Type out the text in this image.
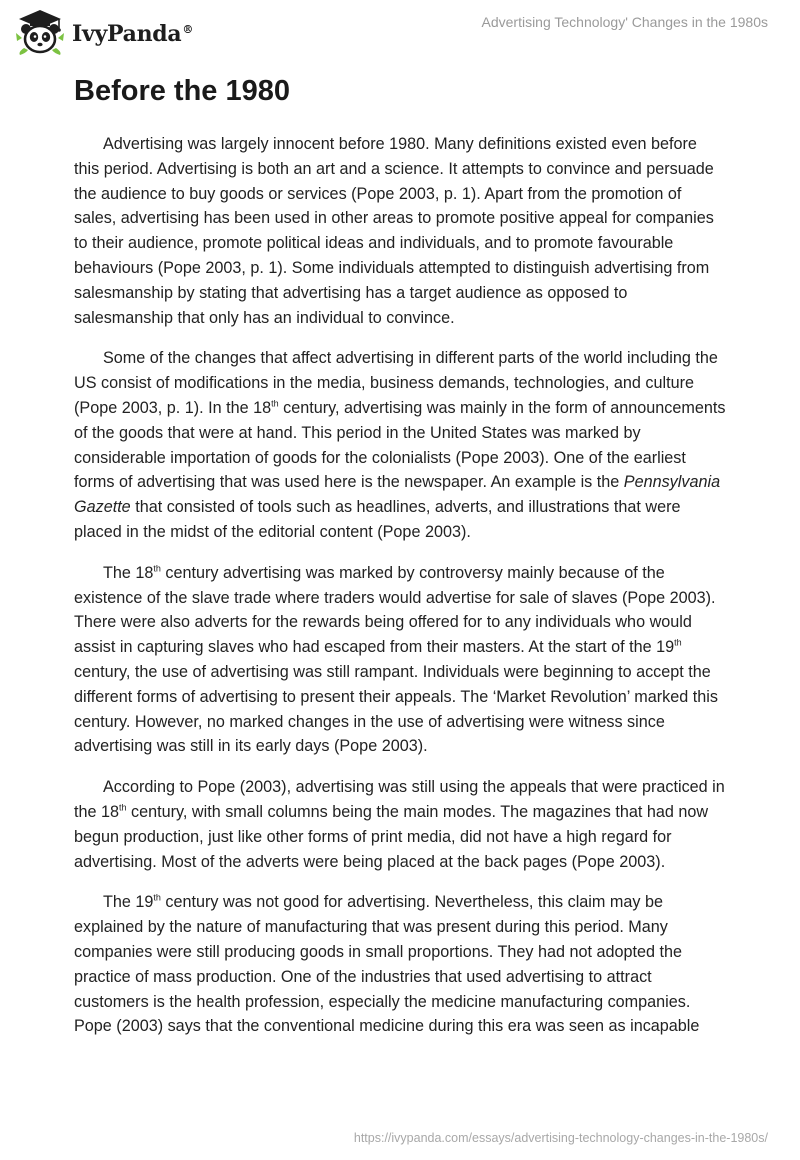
IvyPanda®	Advertising Technology' Changes in the 1980s
Before the 1980

Advertising was largely innocent before 1980. Many definitions existed even before this period. Advertising is both an art and a science. It attempts to convince and persuade the audience to buy goods or services (Pope 2003, p. 1). Apart from the promotion of sales, advertising has been used in other areas to promote positive appeal for companies to their audience, promote political ideas and individuals, and to promote favourable behaviours (Pope 2003, p. 1). Some individuals attempted to distinguish advertising from salesmanship by stating that advertising has a target audience as opposed to salesmanship that only has an individual to convince.

Some of the changes that affect advertising in different parts of the world including the US consist of modifications in the media, business demands, technologies, and culture (Pope 2003, p. 1). In the 18th century, advertising was mainly in the form of announcements of the goods that were at hand. This period in the United States was marked by considerable importation of goods for the colonialists (Pope 2003). One of the earliest forms of advertising that was used here is the newspaper. An example is the Pennsylvania Gazette that consisted of tools such as headlines, adverts, and illustrations that were placed in the midst of the editorial content (Pope 2003).

The 18th century advertising was marked by controversy mainly because of the existence of the slave trade where traders would advertise for sale of slaves (Pope 2003). There were also adverts for the rewards being offered for to any individuals who would assist in capturing slaves who had escaped from their masters. At the start of the 19th century, the use of advertising was still rampant. Individuals were beginning to accept the different forms of advertising to present their appeals. The ‘Market Revolution’ marked this century. However, no marked changes in the use of advertising were witness since advertising was still in its early days (Pope 2003).

According to Pope (2003), advertising was still using the appeals that were practiced in the 18th century, with small columns being the main modes. The magazines that had now begun production, just like other forms of print media, did not have a high regard for advertising. Most of the adverts were being placed at the back pages (Pope 2003).

The 19th century was not good for advertising. Nevertheless, this claim may be explained by the nature of manufacturing that was present during this period. Many companies were still producing goods in small proportions. They had not adopted the practice of mass production. One of the industries that used advertising to attract customers is the health profession, especially the medicine manufacturing companies. Pope (2003) says that the conventional medicine during this era was seen as incapable

https://ivypanda.com/essays/advertising-technology-changes-in-the-1980s/
